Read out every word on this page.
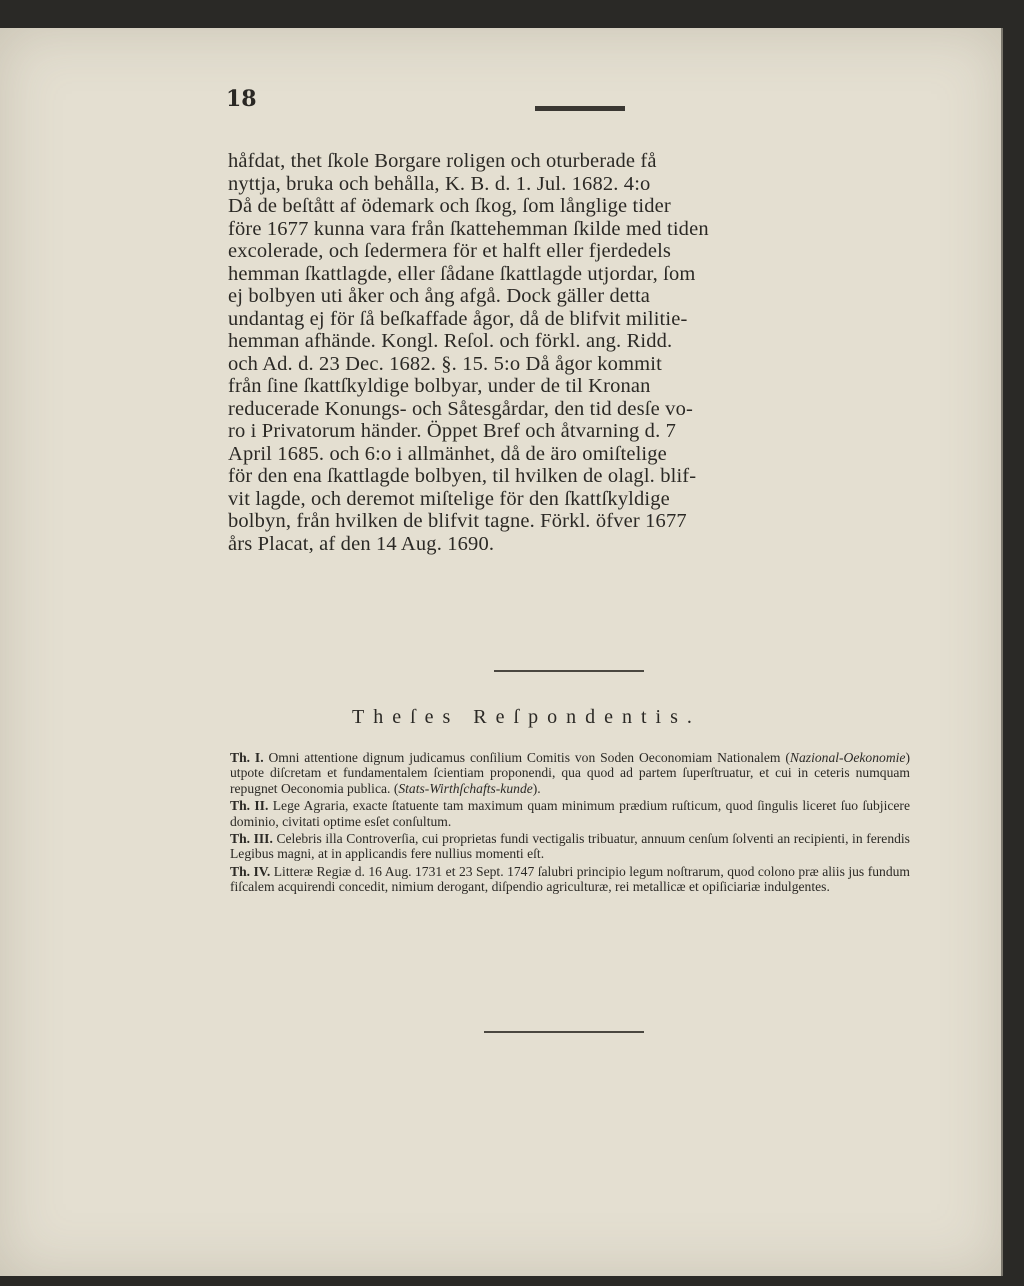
18
håfdat, thet ſkole Borgare roligen och oturberade få
nyttja, bruka och behålla, K. B. d. 1. Jul. 1682. 4:o
Då de beſtått af ödemark och ſkog, ſom långlige tider
före 1677 kunna vara från ſkattehemman ſkilde med tiden
excolerade, och ſedermera för et halft eller fjerdedels
hemman ſkattlagde, eller ſådane ſkattlagde utjordar, ſom
ej bolbyen uti åker och ång afgå. Dock gäller detta
undantag ej för ſå beſkaffade ågor, då de blifvit militie-
hemman afhände. Kongl. Reſol. och förkl. ang. Ridd.
och Ad. d. 23 Dec. 1682. §. 15. 5:o Då ågor kommit
från ſine ſkattſkyldige bolbyar, under de til Kronan
reducerade Konungs- och Såtesgårdar, den tid desſe vo-
ro i Privatorum händer. Öppet Bref och åtvarning d. 7
April 1685. och 6:o i allmänhet, då de äro omiſtelige
för den ena ſkattlagde bolbyen, til hvilken de olagl. blif-
vit lagde, och deremot miſtelige för den ſkattſkyldige
bolbyn, från hvilken de blifvit tagne. Förkl. öfver 1677
års Placat, af den 14 Aug. 1690.
Theſes Reſpondentis.

Th. I. Omni attentione dignum judicamus conſilium Comitis von Soden Oeconomiam Nationalem (Nazional-Oekonomie) utpote diſcretam et fundamentalem ſcientiam proponendi, qua quod ad partem ſuperſtruatur, et cui in ceteris numquam repugnet Oeconomia publica. (Stats-Wirthſchafts-kunde).

Th. II. Lege Agraria, exacte ſtatuente tam maximum quam minimum prædium ruſticum, quod ſingulis liceret ſuo ſubjicere dominio, civitati optime esſet conſultum.

Th. III. Celebris illa Controverſia, cui proprietas fundi vectigalis tribuatur, annuum cenſum ſolventi an recipienti, in ferendis Legibus magni, at in applicandis fere nullius momenti eſt.

Th. IV. Litteræ Regiæ d. 16 Aug. 1731 et 23 Sept. 1747 ſalubri principio legum noſtrarum, quod colono præ aliis jus fundum fiſcalem acquirendi concedit, nimium derogant, diſpendio agriculturæ, rei metallicæ et opiſiciariæ indulgentes.
